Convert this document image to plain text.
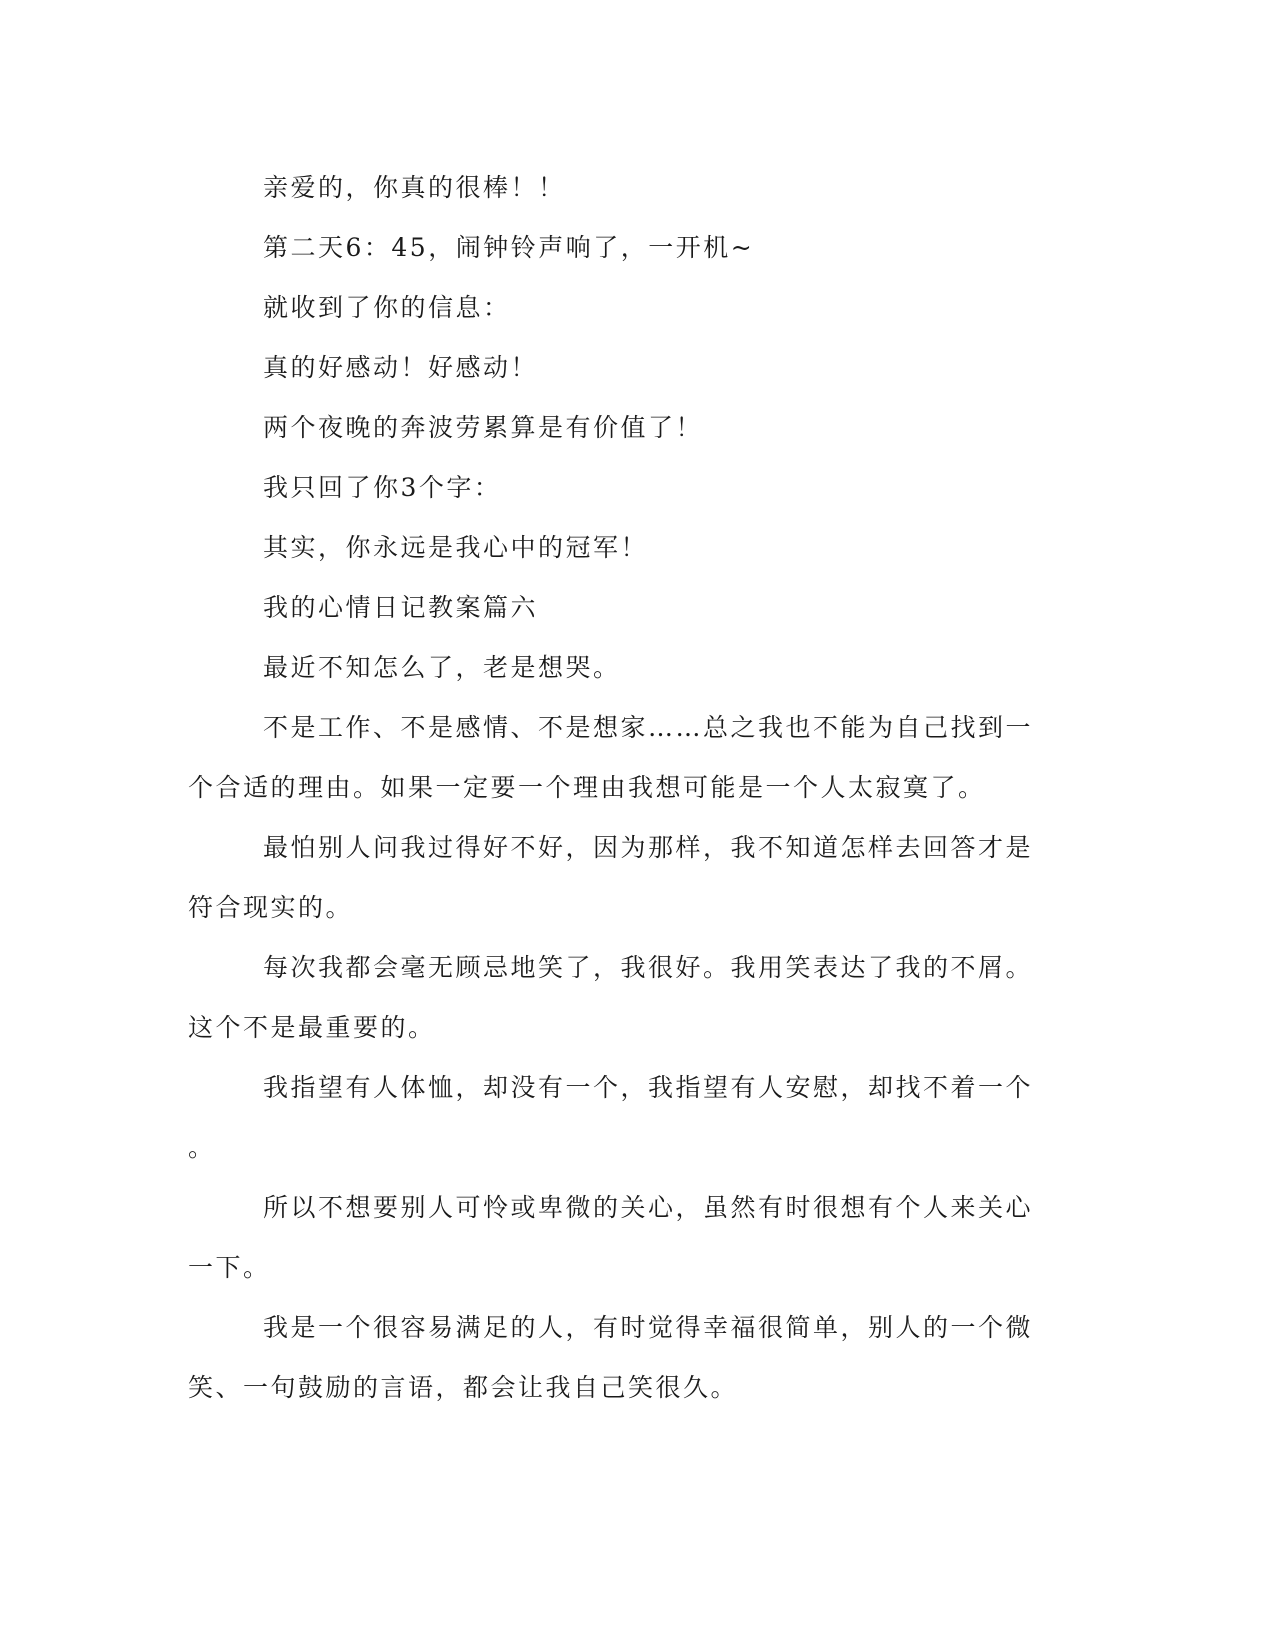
亲爱的，你真的很棒！！
第二天6：45，闹钟铃声响了，一开机~
就收到了你的信息：
真的好感动！好感动！
两个夜晚的奔波劳累算是有价值了！
我只回了你3个字：
其实，你永远是我心中的冠军！
我的心情日记教案篇六
最近不知怎么了，老是想哭。
不是工作、不是感情、不是想家……总之我也不能为自己找到一
个合适的理由。如果一定要一个理由我想可能是一个人太寂寞了。
最怕别人问我过得好不好，因为那样，我不知道怎样去回答才是
符合现实的。
每次我都会毫无顾忌地笑了，我很好。我用笑表达了我的不屑。
这个不是最重要的。
我指望有人体恤，却没有一个，我指望有人安慰，却找不着一个
。
所以不想要别人可怜或卑微的关心，虽然有时很想有个人来关心
一下。
我是一个很容易满足的人，有时觉得幸福很简单，别人的一个微
笑、一句鼓励的言语，都会让我自己笑很久。
